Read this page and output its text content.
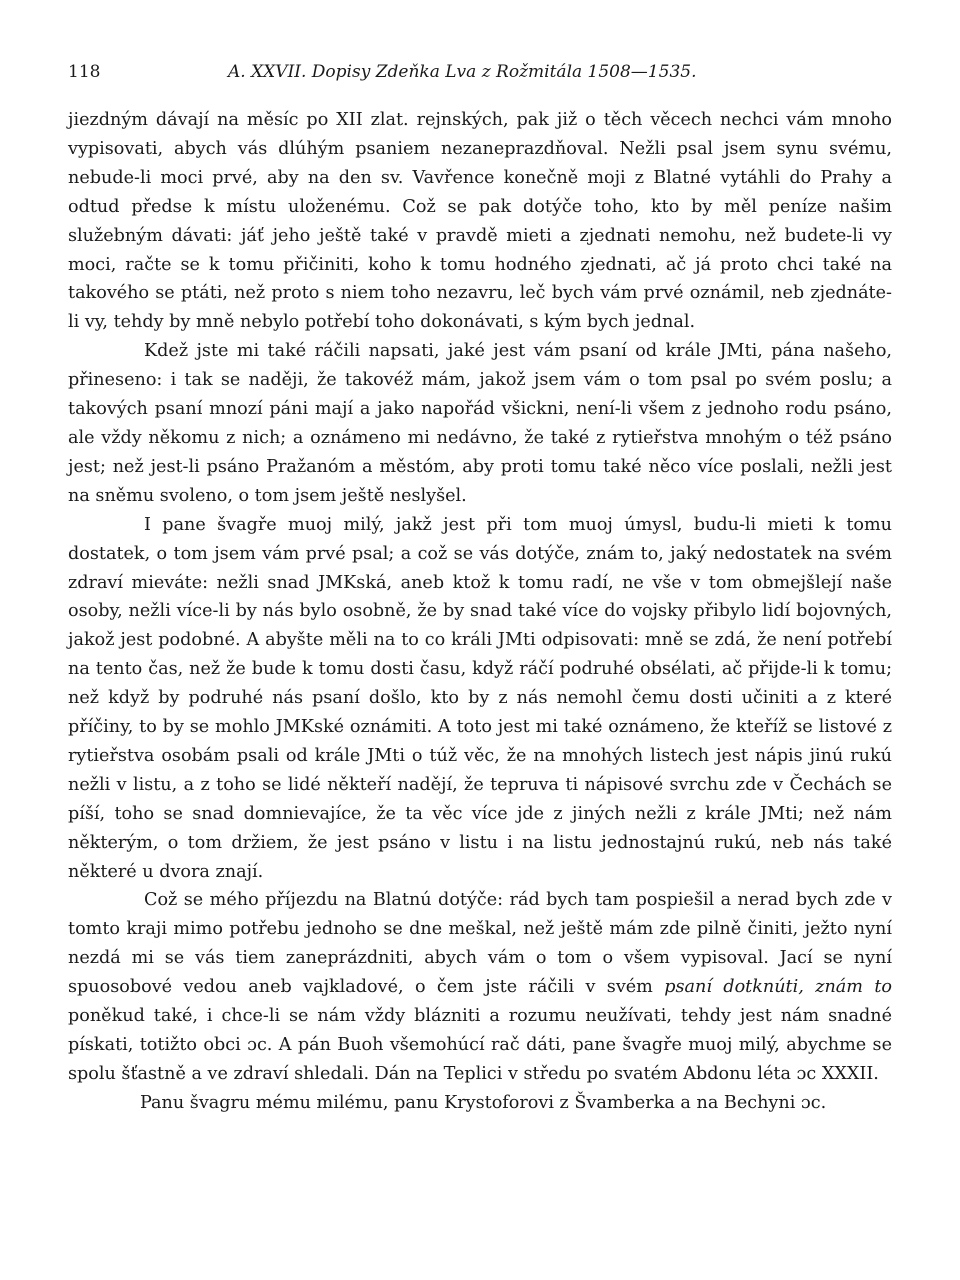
118	A. XXVII. Dopisy Zdeňka Lva z Rožmitála 1508—1535.

jiezdným dávají na měsíc po XII zlat. rejnských, pak již o těch věcech nechci vám mnoho vypisovati, abych vás dlúhým psaniem nezaneprazdňoval. Nežli psal jsem synu svému, nebude-li moci prvé, aby na den sv. Vavřence konečně moji z Blatné vytáhli do Prahy a odtud předse k místu uloženému. Což se pak dotýče toho, kto by měl peníze našim služebným dávati: jáť jeho ještě také v pravdě mieti a zjednati nemohu, než budete-li vy moci, račte se k tomu přičiniti, koho k tomu hodného zjednati, ač já proto chci také na takového se ptáti, než proto s niem toho nezavru, leč bych vám prvé oznámil, neb zjednáte-li vy, tehdy by mně nebylo potřebí toho dokonávati, s kým bych jednal.

Kdež jste mi také ráčili napsati, jaké jest vám psaní od krále JMti, pána našeho, přineseno: i tak se naději, že takovéž mám, jakož jsem vám o tom psal po svém poslu; a takových psaní mnozí páni mají a jako napořád všickni, není-li všem z jednoho rodu psáno, ale vždy někomu z nich; a oznámeno mi nedávno, že také z rytieřstva mnohým o též psáno jest; než jest-li psáno Pražanóm a městóm, aby proti tomu také něco více poslali, nežli jest na sněmu svoleno, o tom jsem ještě neslyšel.

I pane švagře muoj milý, jakž jest při tom muoj úmysl, budu-li mieti k tomu dostatek, o tom jsem vám prvé psal; a což se vás dotýče, znám to, jaký nedostatek na svém zdraví mieváte: nežli snad JMKská, aneb ktož k tomu radí, ne vše v tom obmejšlejí naše osoby, nežli více-li by nás bylo osobně, že by snad také více do vojsky přibylo lidí bojovných, jakož jest podobné. A abyšte měli na to co králi JMti odpisovati: mně se zdá, že není potřebí na tento čas, než že bude k tomu dosti času, když ráčí podruhé obsélati, ač přijde-li k tomu; než když by podruhé nás psaní došlo, kto by z nás nemohl čemu dosti učiniti a z které příčiny, to by se mohlo JMKské oznámiti. A toto jest mi také oznámeno, že kteříž se listové z rytieřstva osobám psali od krále JMti o túž věc, že na mnohých listech jest nápis jinú rukú nežli v listu, a z toho se lidé někteří nadějí, že tepruva ti nápisové svrchu zde v Čechách se píší, toho se snad domnievajíce, že ta věc více jde z jiných nežli z krále JMti; než nám některým, o tom držiem, že jest psáno v listu i na listu jednostajnú rukú, neb nás také některé u dvora znají.

Což se mého příjezdu na Blatnú dotýče: rád bych tam pospiešil a nerad bych zde v tomto kraji mimo potřebu jednoho se dne meškal, než ještě mám zde pilně činiti, ježto nyní nezdá mi se vás tiem zaneprázdniti, abych vám o tom o všem vypisoval. Jací se nyní spuosobové vedou aneb vajkladové, o čem jste ráčili v svém psaní dotknúti, znám to poněkud také, i chce-li se nám vždy blázniti a rozumu neužívati, tehdy jest nám snadné pískati, totižto obci ɔc. A pán Buoh všemohúcí rač dáti, pane švagře muoj milý, abychme se spolu šťastně a ve zdraví shledali. Dán na Teplici v středu po svatém Abdonu léta ɔc XXXII.

Panu švagru mému milému, panu Krystoforovi z Švamberka a na Bechyni ɔc.
